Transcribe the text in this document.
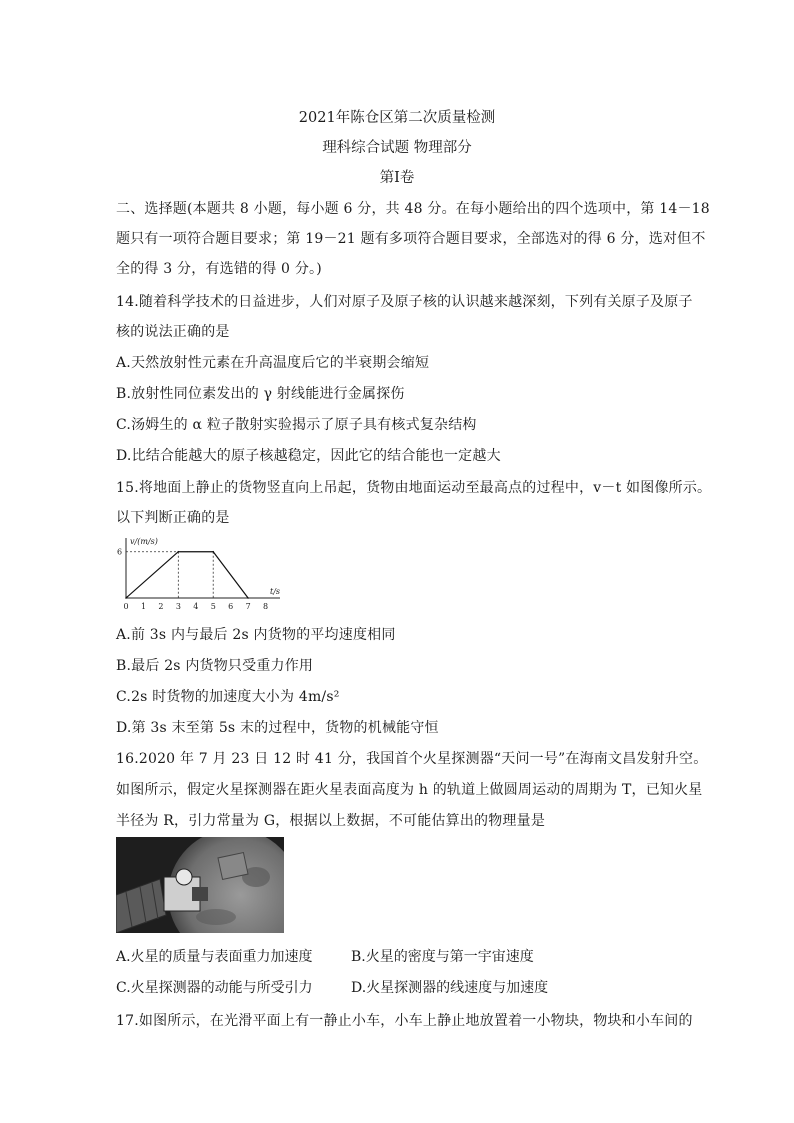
2021年陈仓区第二次质量检测
理科综合试题 物理部分
第Ⅰ卷
二、选择题(本题共 8 小题，每小题 6 分，共 48 分。在每小题给出的四个选项中，第 14－18
题只有一项符合题目要求；第 19－21 题有多项符合题目要求，全部选对的得 6 分，选对但不
全的得 3 分，有选错的得 0 分。)
14.随着科学技术的日益进步，人们对原子及原子核的认识越来越深刻，下列有关原子及原子
核的说法正确的是
A.天然放射性元素在升高温度后它的半衰期会缩短
B.放射性同位素发出的 γ 射线能进行金属探伤
C.汤姆生的 α 粒子散射实验揭示了原子具有核式复杂结构
D.比结合能越大的原子核越稳定，因此它的结合能也一定越大
15.将地面上静止的货物竖直向上吊起，货物由地面运动至最高点的过程中，v－t 如图像所示。
以下判断正确的是
v/(m/s)
t/s
0 1 2 3 4 5 6 7 8
6
A.前 3s 内与最后 2s 内货物的平均速度相同
B.最后 2s 内货物只受重力作用
C.2s 时货物的加速度大小为 4m/s²
D.第 3s 末至第 5s 末的过程中，货物的机械能守恒
16.2020 年 7 月 23 日 12 时 41 分，我国首个火星探测器“天问一号”在海南文昌发射升空。
如图所示，假定火星探测器在距火星表面高度为 h 的轨道上做圆周运动的周期为 T，已知火星
半径为 R，引力常量为 G，根据以上数据，不可能估算出的物理量是
A.火星的质量与表面重力加速度	B.火星的密度与第一宇宙速度
C.火星探测器的动能与所受引力	D.火星探测器的线速度与加速度
17.如图所示，在光滑平面上有一静止小车，小车上静止地放置着一小物块，物块和小车间的
